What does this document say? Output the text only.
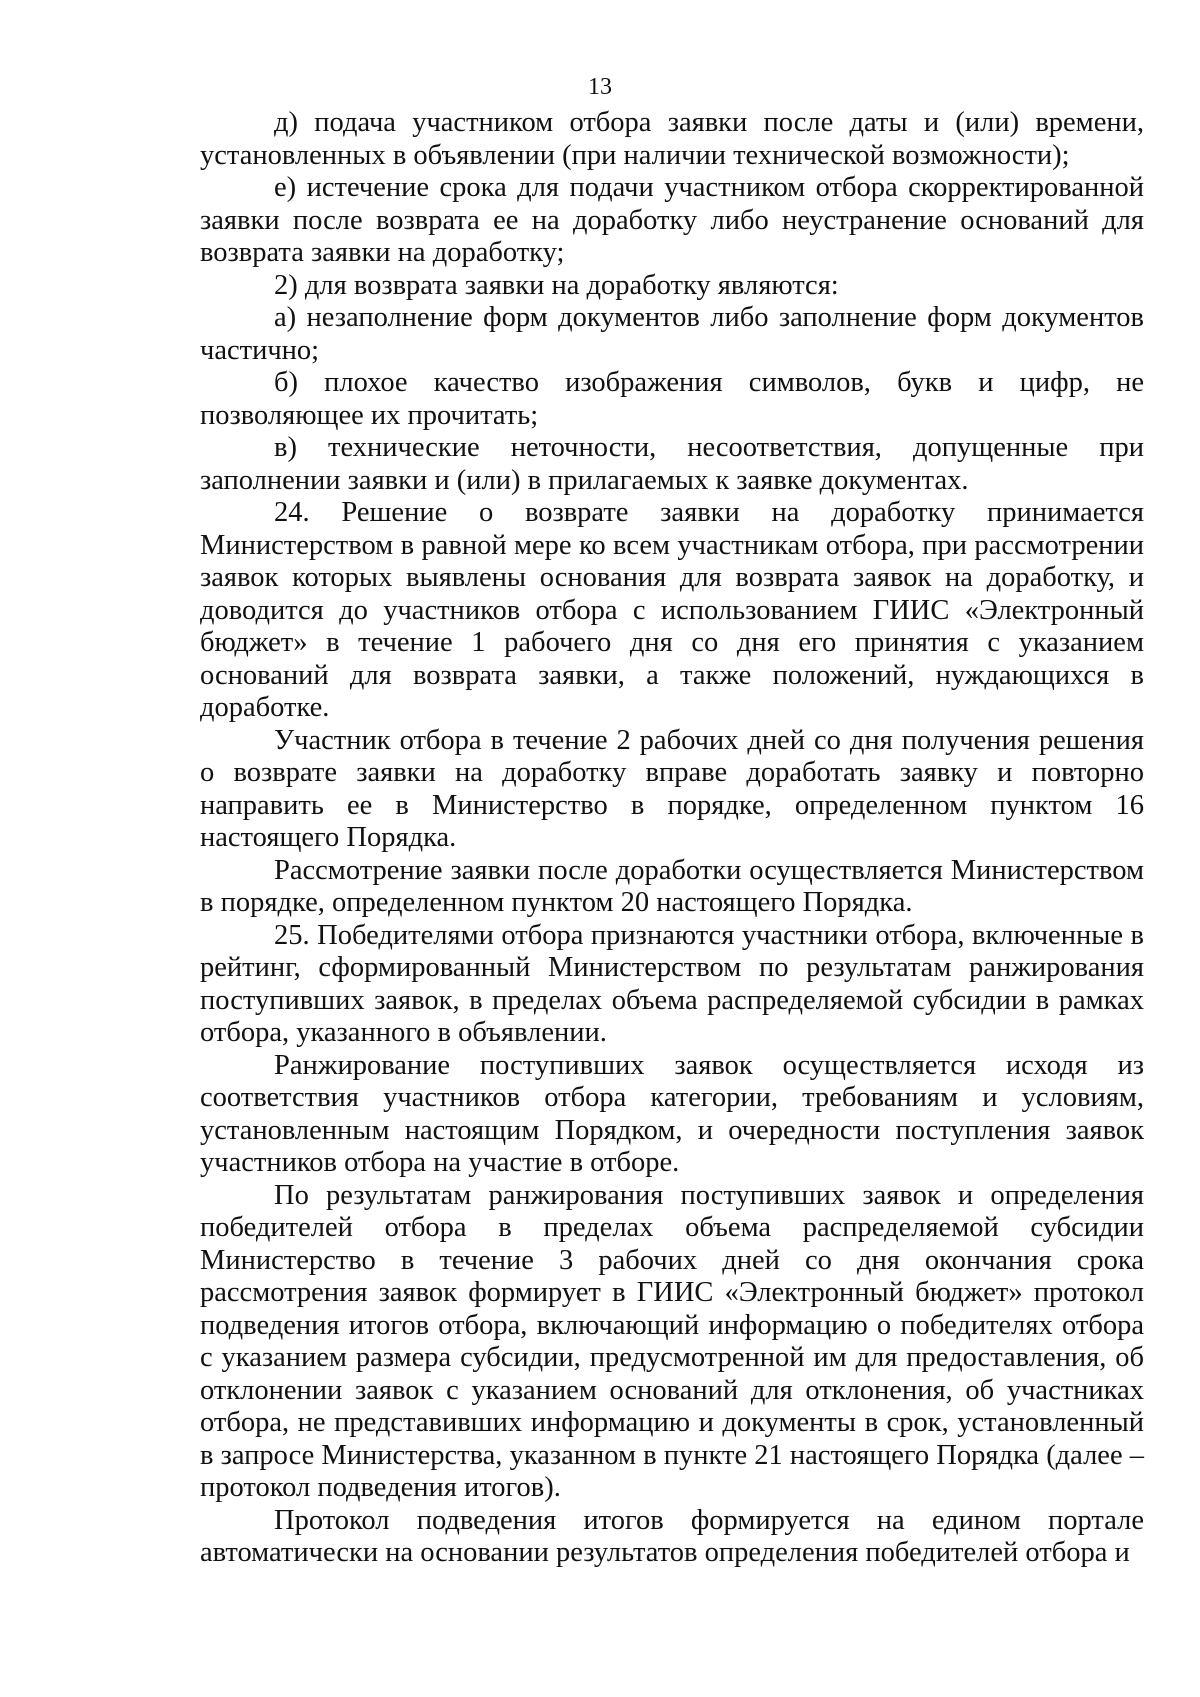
13

д) подача участником отбора заявки после даты и (или) времени, установленных в объявлении (при наличии технической возможности);

е) истечение срока для подачи участником отбора скорректированной заявки после возврата ее на доработку либо неустранение оснований для возврата заявки на доработку;

2) для возврата заявки на доработку являются:

а) незаполнение форм документов либо заполнение форм документов частично;

б) плохое качество изображения символов, букв и цифр, не позволяющее их прочитать;

в) технические неточности, несоответствия, допущенные при заполнении заявки и (или) в прилагаемых к заявке документах.

24. Решение о возврате заявки на доработку принимается Министерством в равной мере ко всем участникам отбора, при рассмотрении заявок которых выявлены основания для возврата заявок на доработку, и доводится до участников отбора с использованием ГИИС «Электронный бюджет» в течение 1 рабочего дня со дня его принятия с указанием оснований для возврата заявки, а также положений, нуждающихся в доработке.

Участник отбора в течение 2 рабочих дней со дня получения решения о возврате заявки на доработку вправе доработать заявку и повторно направить ее в Министерство в порядке, определенном пунктом 16 настоящего Порядка.

Рассмотрение заявки после доработки осуществляется Министерством в порядке, определенном пунктом 20 настоящего Порядка.

25. Победителями отбора признаются участники отбора, включенные в рейтинг, сформированный Министерством по результатам ранжирования поступивших заявок, в пределах объема распределяемой субсидии в рамках отбора, указанного в объявлении.

Ранжирование поступивших заявок осуществляется исходя из соответствия участников отбора категории, требованиям и условиям, установленным настоящим Порядком, и очередности поступления заявок участников отбора на участие в отборе.

По результатам ранжирования поступивших заявок и определения победителей отбора в пределах объема распределяемой субсидии Министерство в течение 3 рабочих дней со дня окончания срока рассмотрения заявок формирует в ГИИС «Электронный бюджет» протокол подведения итогов отбора, включающий информацию о победителях отбора с указанием размера субсидии, предусмотренной им для предоставления, об отклонении заявок с указанием оснований для отклонения, об участниках отбора, не представивших информацию и документы в срок, установленный в запросе Министерства, указанном в пункте 21 настоящего Порядка (далее – протокол подведения итогов).

Протокол подведения итогов формируется на едином портале автоматически на основании результатов определения победителей отбора и
